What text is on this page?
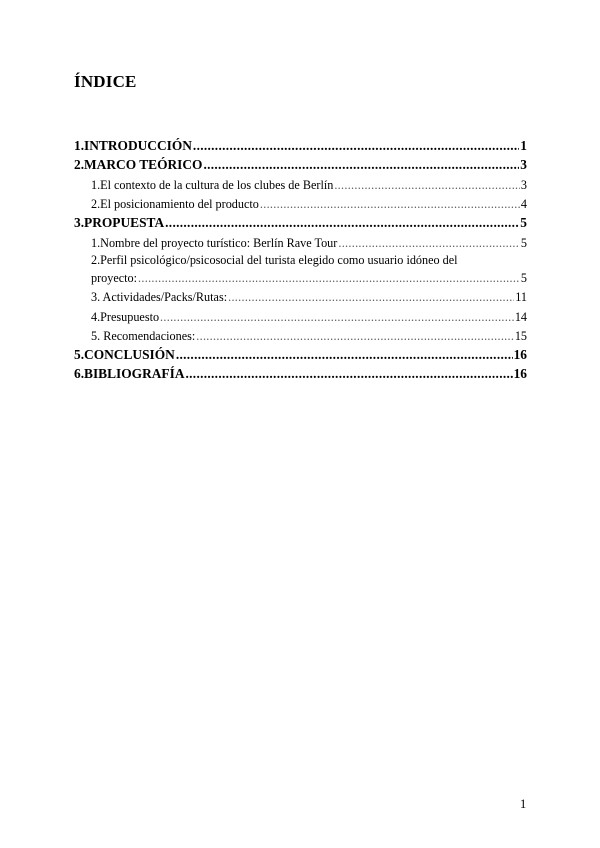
ÍNDICE
1.INTRODUCCIÓN .....	1
2.MARCO TEÓRICO .....	3
1.El contexto de la cultura de los clubes de Berlín .....	3
2.El posicionamiento del producto .....	4
3.PROPUESTA .....	5
1.Nombre del proyecto turístico: Berlín Rave Tour .....	5
2.Perfil psicológico/psicosocial del turista elegido como usuario idóneo del
proyecto: .....	5
3. Actividades/Packs/Rutas: .....	11
4.Presupuesto .....	14
5. Recomendaciones: .....	15
5.CONCLUSIÓN .....	16
6.BIBLIOGRAFÍA .....	16
1
